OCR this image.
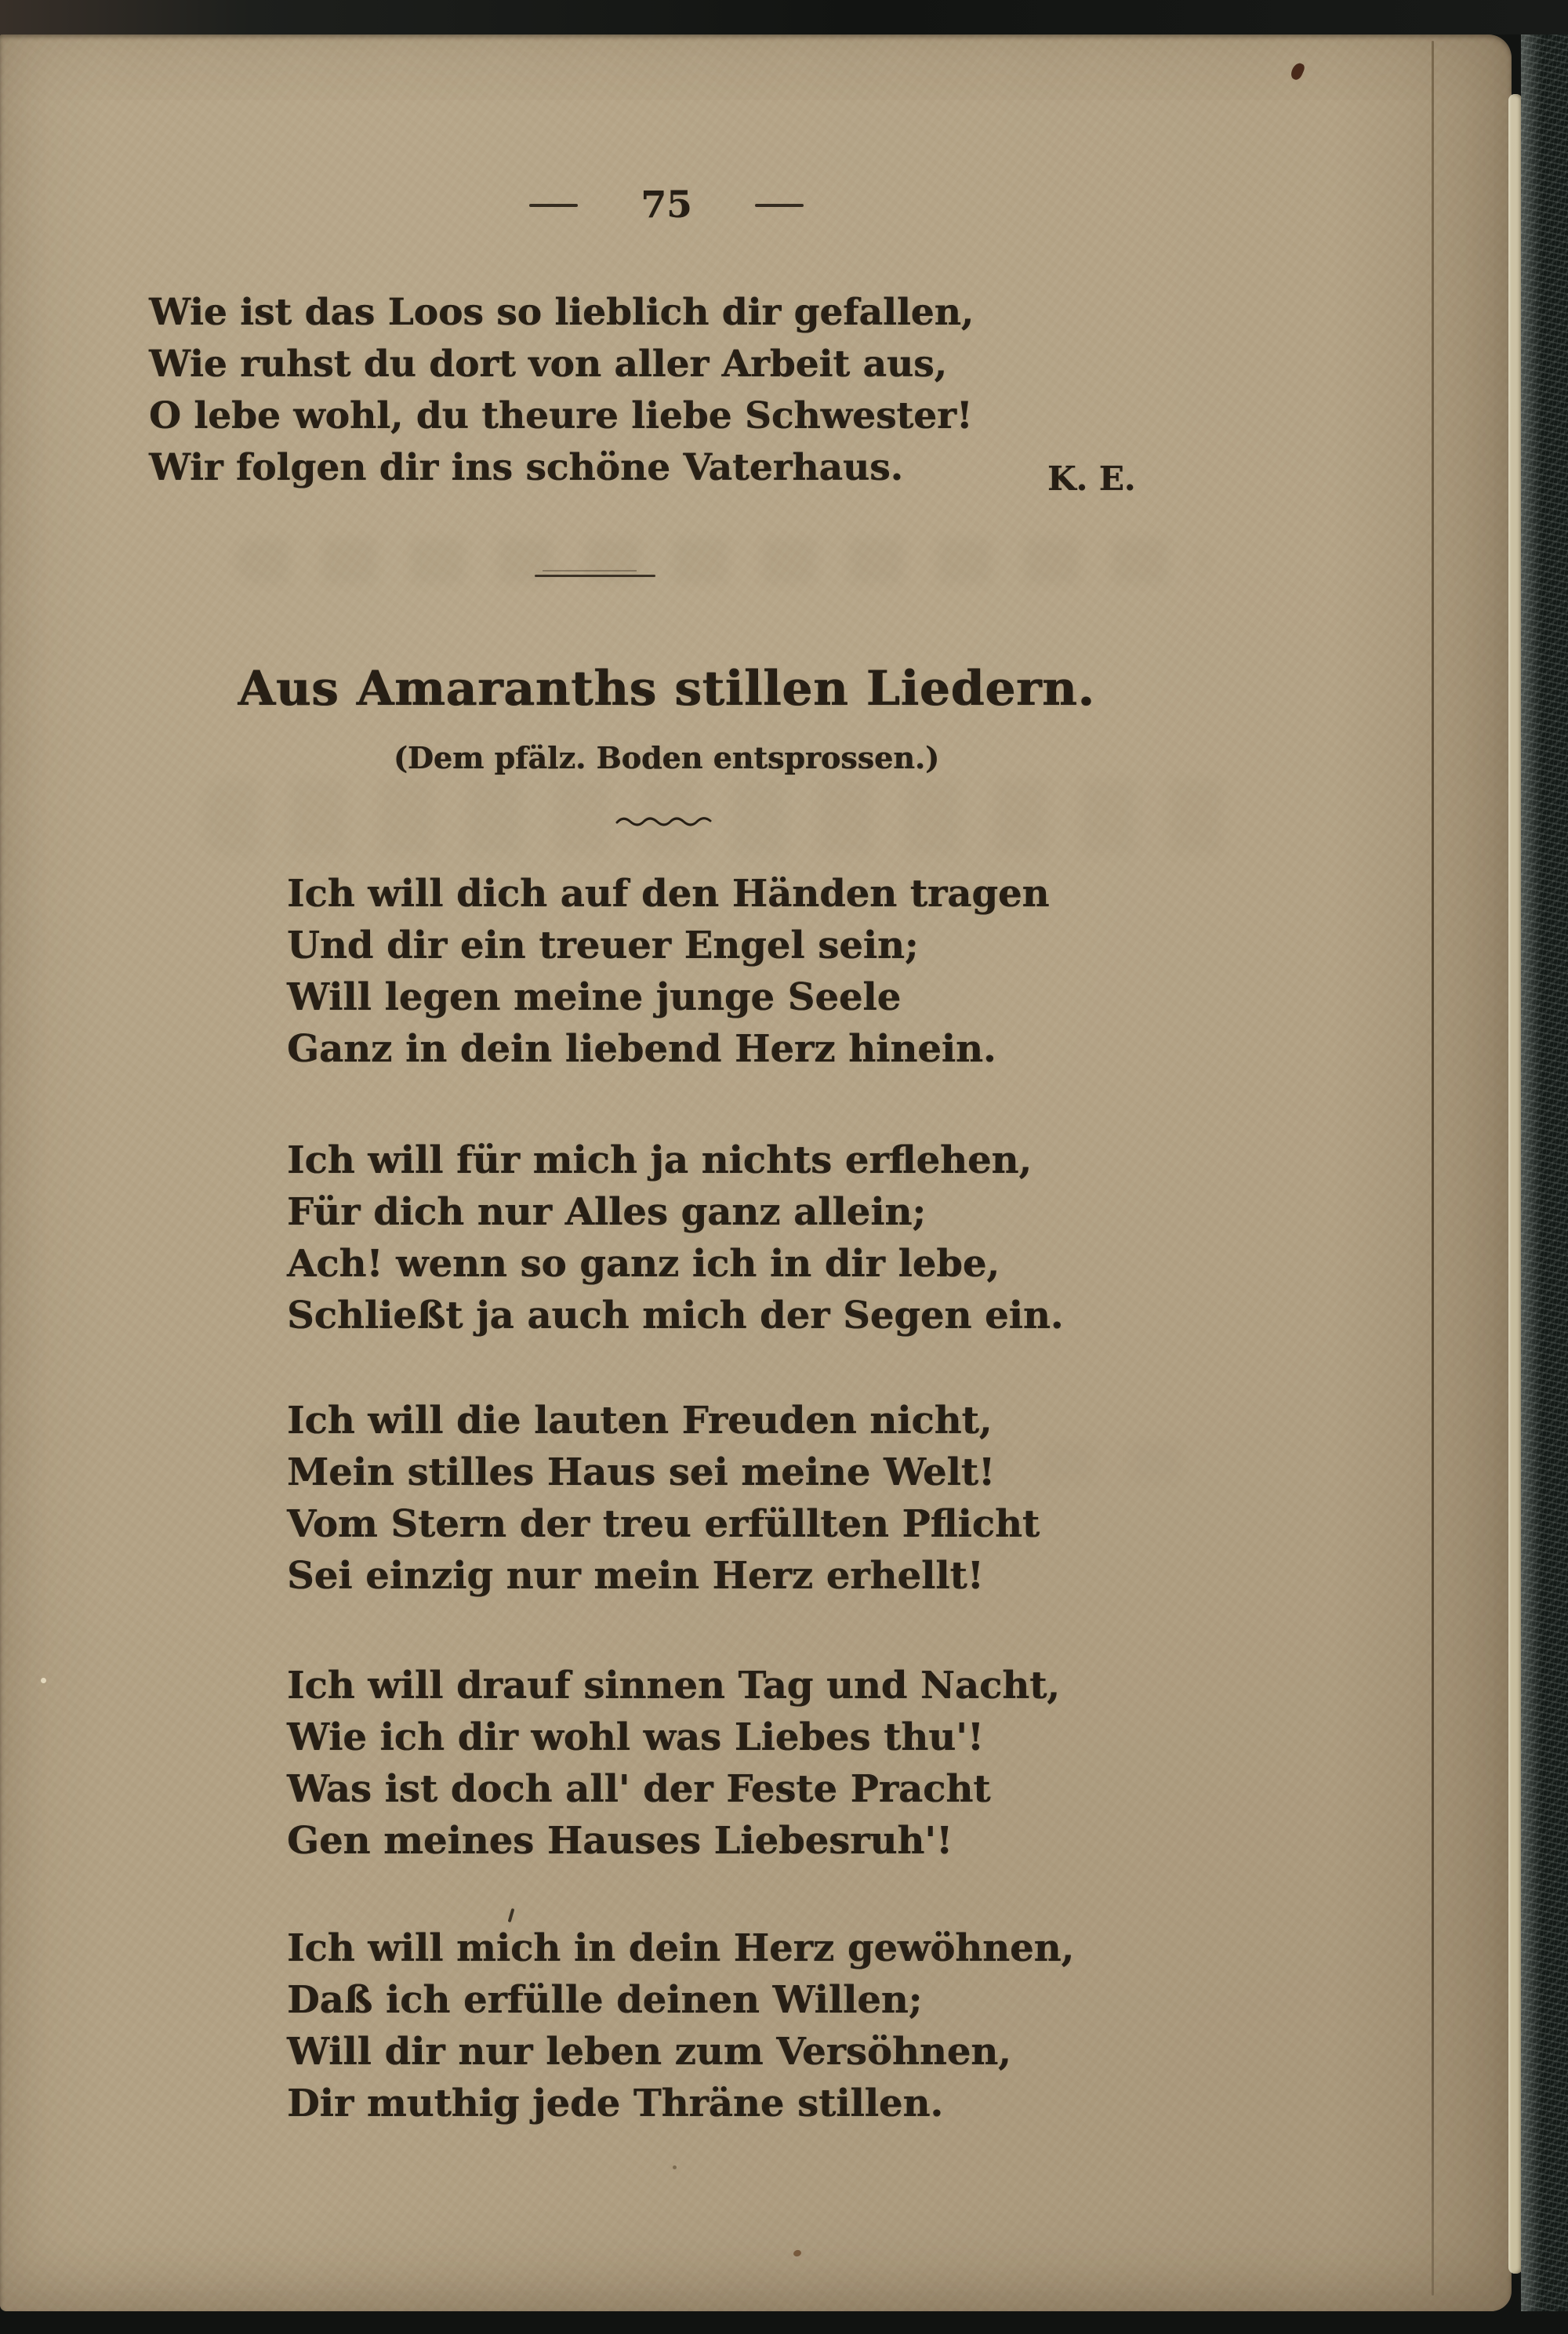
75
Wie ist das Loos so lieblich dir gefallen,
Wie ruhst du dort von aller Arbeit aus,
O lebe wohl, du theure liebe Schwester!
Wir folgen dir ins schöne Vaterhaus.	K. E.
Aus Amaranths stillen Liedern.
(Dem pfälz. Boden entsprossen.)
Ich will dich auf den Händen tragen
Und dir ein treuer Engel sein;
Will legen meine junge Seele
Ganz in dein liebend Herz hinein.
Ich will für mich ja nichts erflehen,
Für dich nur Alles ganz allein;
Ach! wenn so ganz ich in dir lebe,
Schließt ja auch mich der Segen ein.
Ich will die lauten Freuden nicht,
Mein stilles Haus sei meine Welt!
Vom Stern der treu erfüllten Pflicht
Sei einzig nur mein Herz erhellt!
Ich will drauf sinnen Tag und Nacht,
Wie ich dir wohl was Liebes thu'!
Was ist doch all' der Feste Pracht
Gen meines Hauses Liebesruh'!
Ich will mich in dein Herz gewöhnen,
Daß ich erfülle deinen Willen;
Will dir nur leben zum Versöhnen,
Dir muthig jede Thräne stillen.
